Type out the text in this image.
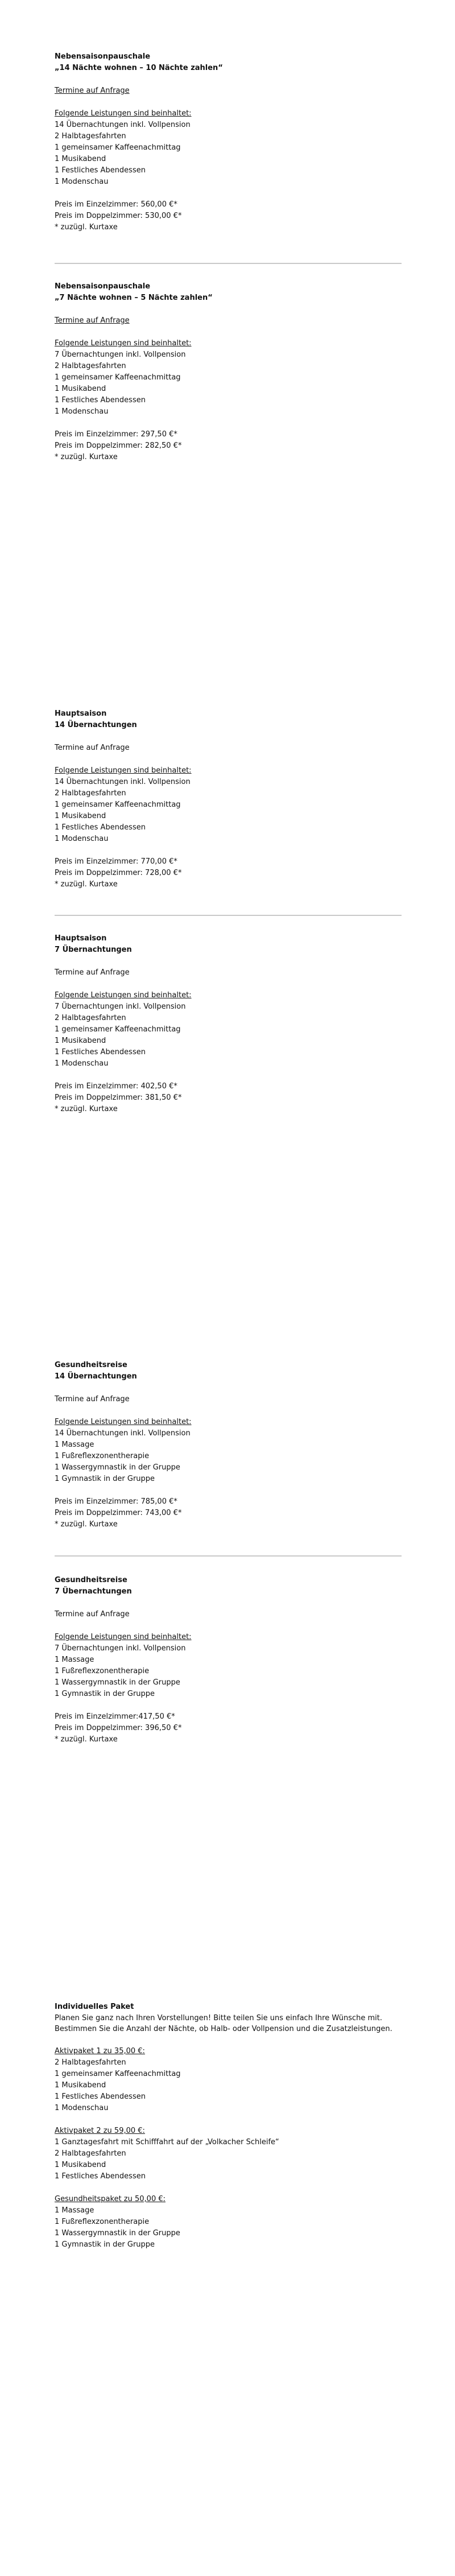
Nebensaisonpauschale
„14 Nächte wohnen – 10 Nächte zahlen“
Termine auf Anfrage
Folgende Leistungen sind beinhaltet:
14 Übernachtungen inkl. Vollpension
2 Halbtagesfahrten
1 gemeinsamer Kaffeenachmittag
1 Musikabend
1 Festliches Abendessen
1 Modenschau
Preis im Einzelzimmer: 560,00 €*
Preis im Doppelzimmer: 530,00 €*
* zuzügl. Kurtaxe
Nebensaisonpauschale
„7 Nächte wohnen – 5 Nächte zahlen“
Termine auf Anfrage
Folgende Leistungen sind beinhaltet:
7 Übernachtungen inkl. Vollpension
2 Halbtagesfahrten
1 gemeinsamer Kaffeenachmittag
1 Musikabend
1 Festliches Abendessen
1 Modenschau
Preis im Einzelzimmer: 297,50 €*
Preis im Doppelzimmer: 282,50 €*
* zuzügl. Kurtaxe
Hauptsaison
14 Übernachtungen
Termine auf Anfrage
Folgende Leistungen sind beinhaltet:
14 Übernachtungen inkl. Vollpension
2 Halbtagesfahrten
1 gemeinsamer Kaffeenachmittag
1 Musikabend
1 Festliches Abendessen
1 Modenschau
Preis im Einzelzimmer: 770,00 €*
Preis im Doppelzimmer: 728,00 €*
* zuzügl. Kurtaxe
Hauptsaison
7 Übernachtungen
Termine auf Anfrage
Folgende Leistungen sind beinhaltet:
7 Übernachtungen inkl. Vollpension
2 Halbtagesfahrten
1 gemeinsamer Kaffeenachmittag
1 Musikabend
1 Festliches Abendessen
1 Modenschau
Preis im Einzelzimmer: 402,50 €*
Preis im Doppelzimmer: 381,50 €*
* zuzügl. Kurtaxe
Gesundheitsreise
14 Übernachtungen
Termine auf Anfrage
Folgende Leistungen sind beinhaltet:
14 Übernachtungen inkl. Vollpension
1 Massage
1 Fußreflexzonentherapie
1 Wassergymnastik in der Gruppe
1 Gymnastik in der Gruppe
Preis im Einzelzimmer: 785,00 €*
Preis im Doppelzimmer: 743,00 €*
* zuzügl. Kurtaxe
Gesundheitsreise
7 Übernachtungen
Termine auf Anfrage
Folgende Leistungen sind beinhaltet:
7 Übernachtungen inkl. Vollpension
1 Massage
1 Fußreflexzonentherapie
1 Wassergymnastik in der Gruppe
1 Gymnastik in der Gruppe
Preis im Einzelzimmer:417,50 €*
Preis im Doppelzimmer: 396,50 €*
* zuzügl. Kurtaxe
Individuelles Paket
Planen Sie ganz nach Ihren Vorstellungen! Bitte teilen Sie uns einfach Ihre Wünsche mit. Bestimmen Sie die Anzahl der Nächte, ob Halb- oder Vollpension und die Zusatzleistungen.
Aktivpaket 1 zu 35,00 €:
2 Halbtagesfahrten
1 gemeinsamer Kaffeenachmittag
1 Musikabend
1 Festliches Abendessen
1 Modenschau
Aktivpaket 2 zu 59,00 €:
1 Ganztagesfahrt mit Schifffahrt auf der „Volkacher Schleife“
2 Halbtagesfahrten
1 Musikabend
1 Festliches Abendessen
Gesundheitspaket zu 50,00 €:
1 Massage
1 Fußreflexzonentherapie
1 Wassergymnastik in der Gruppe
1 Gymnastik in der Gruppe
